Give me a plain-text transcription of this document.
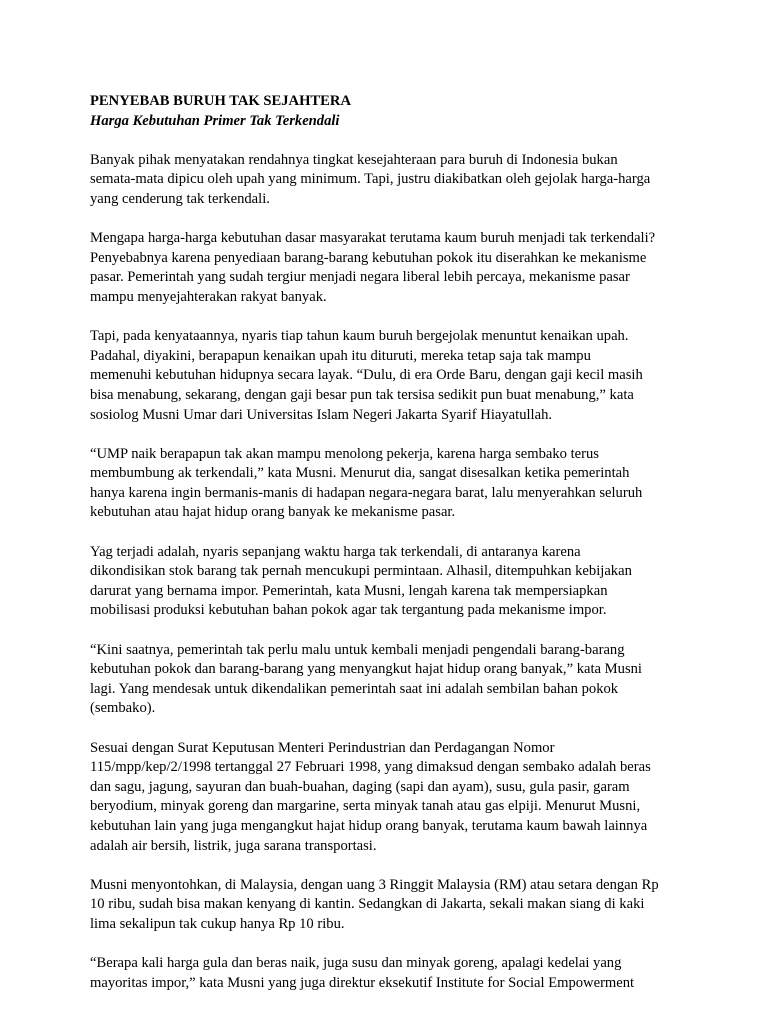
PENYEBAB BURUH TAK SEJAHTERA

Harga Kebutuhan Primer Tak Terkendali

Banyak pihak menyatakan rendahnya tingkat kesejahteraan para buruh di Indonesia bukan
semata-mata dipicu oleh upah yang minimum. Tapi, justru diakibatkan oleh gejolak harga-harga
yang cenderung tak terkendali.

Mengapa harga-harga kebutuhan dasar masyarakat terutama kaum buruh menjadi tak terkendali?
Penyebabnya karena penyediaan barang-barang kebutuhan pokok itu diserahkan ke mekanisme
pasar. Pemerintah yang sudah tergiur menjadi negara liberal lebih percaya, mekanisme pasar
mampu menyejahterakan rakyat banyak.

Tapi, pada kenyataannya, nyaris tiap tahun kaum buruh bergejolak menuntut kenaikan upah.
Padahal, diyakini, berapapun kenaikan upah itu dituruti, mereka tetap saja tak mampu
memenuhi kebutuhan hidupnya secara layak. “Dulu, di era Orde Baru, dengan gaji kecil masih
bisa menabung, sekarang, dengan gaji besar pun tak tersisa sedikit pun buat menabung,” kata
sosiolog Musni Umar dari Universitas Islam Negeri Jakarta Syarif Hiayatullah.

“UMP naik berapapun tak akan mampu menolong pekerja, karena harga sembako terus
membumbung ak terkendali,” kata Musni. Menurut dia, sangat disesalkan ketika pemerintah
hanya karena ingin bermanis-manis di hadapan negara-negara barat, lalu menyerahkan seluruh
kebutuhan atau hajat hidup orang banyak ke mekanisme pasar.

Yag terjadi adalah, nyaris sepanjang waktu harga tak terkendali, di antaranya karena
dikondisikan stok barang tak pernah mencukupi permintaan. Alhasil, ditempuhkan kebijakan
darurat yang bernama impor. Pemerintah, kata Musni, lengah karena tak mempersiapkan
mobilisasi produksi kebutuhan bahan pokok agar tak tergantung pada mekanisme impor.

“Kini saatnya, pemerintah tak perlu malu untuk kembali menjadi pengendali barang-barang
kebutuhan pokok dan barang-barang yang menyangkut hajat hidup orang banyak,” kata Musni
lagi. Yang mendesak untuk dikendalikan pemerintah saat ini adalah sembilan bahan pokok
(sembako).

Sesuai dengan Surat Keputusan Menteri Perindustrian dan Perdagangan Nomor
115/mpp/kep/2/1998 tertanggal 27 Februari 1998, yang dimaksud dengan sembako adalah beras
dan sagu, jagung, sayuran dan buah-buahan, daging (sapi dan ayam), susu, gula pasir, garam
beryodium, minyak goreng dan margarine, serta minyak tanah atau gas elpiji. Menurut Musni,
kebutuhan lain yang juga mengangkut hajat hidup orang banyak, terutama kaum bawah lainnya
adalah air bersih, listrik, juga sarana transportasi.

Musni menyontohkan, di Malaysia, dengan uang 3 Ringgit Malaysia (RM) atau setara dengan Rp
10 ribu, sudah bisa makan kenyang di kantin. Sedangkan di Jakarta, sekali makan siang di kaki
lima sekalipun tak cukup hanya Rp 10 ribu.

“Berapa kali harga gula dan beras naik, juga susu dan minyak goreng, apalagi kedelai yang
mayoritas impor,” kata Musni yang juga direktur eksekutif Institute for Social Empowerment
